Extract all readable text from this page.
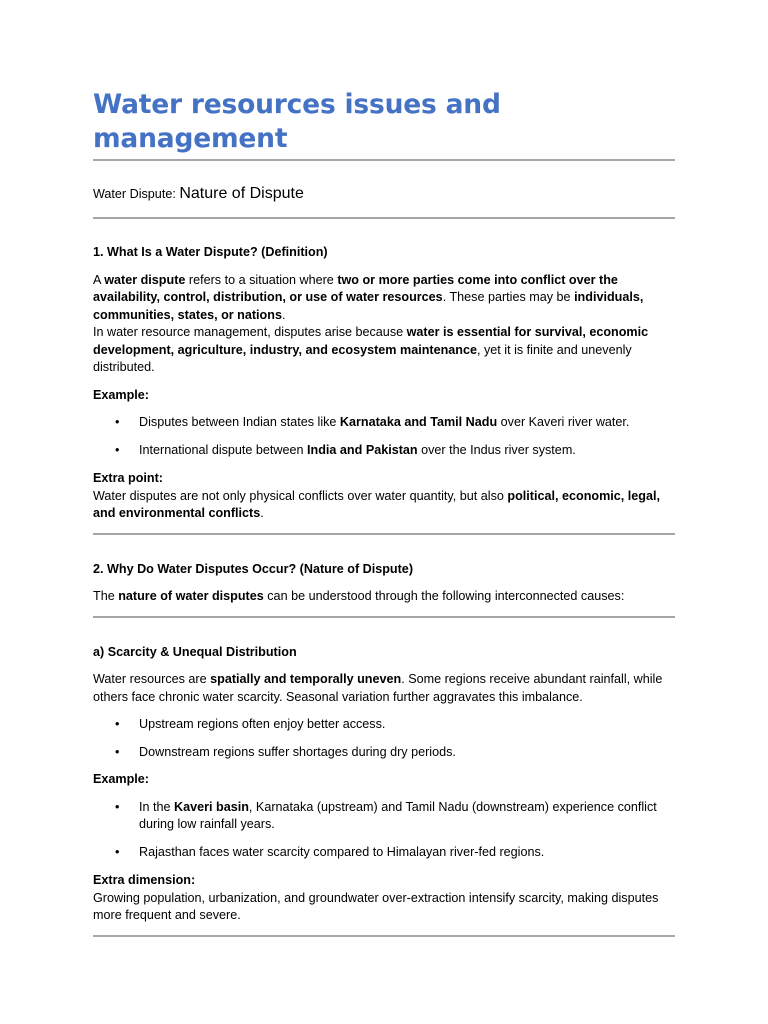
Water resources issues and management
Water Dispute: Nature of Dispute
1. What Is a Water Dispute? (Definition)

A water dispute refers to a situation where two or more parties come into conflict over the availability, control, distribution, or use of water resources. These parties may be individuals, communities, states, or nations.

In water resource management, disputes arise because water is essential for survival, economic development, agriculture, industry, and ecosystem maintenance, yet it is finite and unevenly distributed.

Example:

• Disputes between Indian states like Karnataka and Tamil Nadu over Kaveri river water.
• International dispute between India and Pakistan over the Indus river system.

Extra point:

Water disputes are not only physical conflicts over water quantity, but also political, economic, legal, and environmental conflicts.

2. Why Do Water Disputes Occur? (Nature of Dispute)

The nature of water disputes can be understood through the following interconnected causes:

a) Scarcity & Unequal Distribution

Water resources are spatially and temporally uneven. Some regions receive abundant rainfall, while others face chronic water scarcity. Seasonal variation further aggravates this imbalance.

• Upstream regions often enjoy better access.
• Downstream regions suffer shortages during dry periods.

Example:

• In the Kaveri basin, Karnataka (upstream) and Tamil Nadu (downstream) experience conflict during low rainfall years.
• Rajasthan faces water scarcity compared to Himalayan river-fed regions.

Extra dimension:

Growing population, urbanization, and groundwater over-extraction intensify scarcity, making disputes more frequent and severe.
